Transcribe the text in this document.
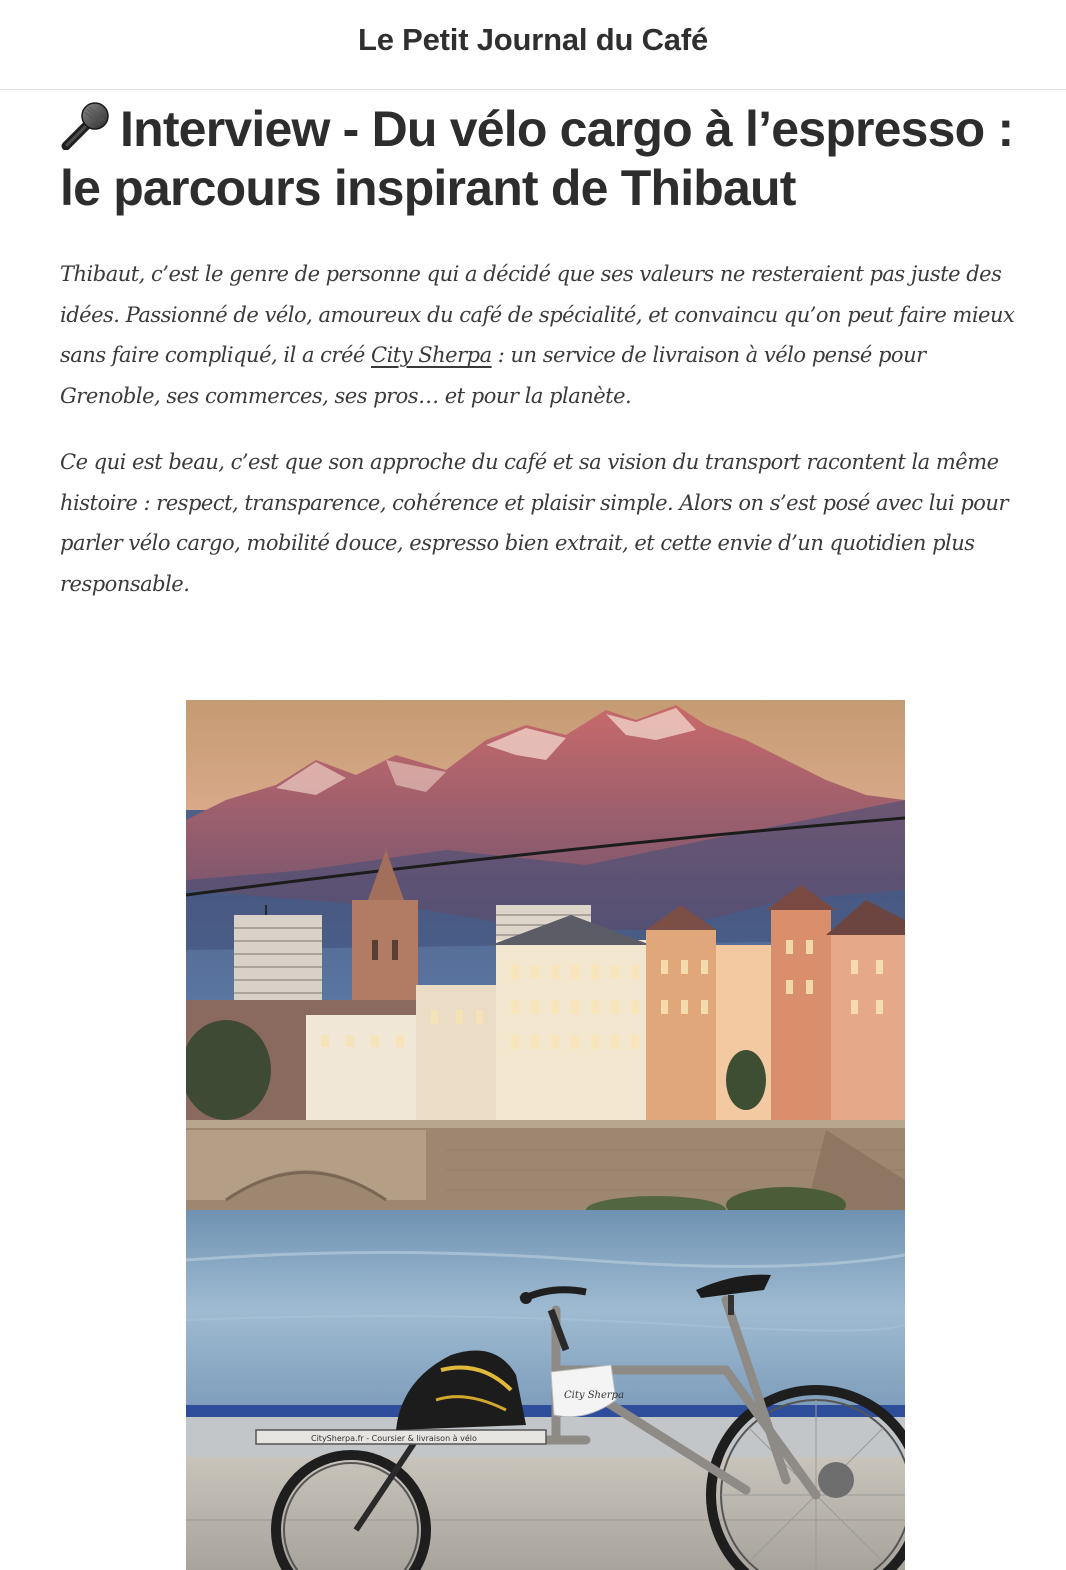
Le Petit Journal du Café
Interview - Du vélo cargo à l’espresso : le parcours inspirant de Thibaut

Thibaut, c’est le genre de personne qui a décidé que ses valeurs ne resteraient pas juste des idées. Passionné de vélo, amoureux du café de spécialité, et convaincu qu’on peut faire mieux sans faire compliqué, il a créé City Sherpa : un service de livraison à vélo pensé pour Grenoble, ses commerces, ses pros… et pour la planète.

Ce qui est beau, c’est que son approche du café et sa vision du transport racontent la même histoire : respect, transparence, cohérence et plaisir simple. Alors on s’est posé avec lui pour parler vélo cargo, mobilité douce, espresso bien extrait, et cette envie d’un quotidien plus responsable.

CitySherpa.fr - Coursier & livraison à vélo
City Sherpa
